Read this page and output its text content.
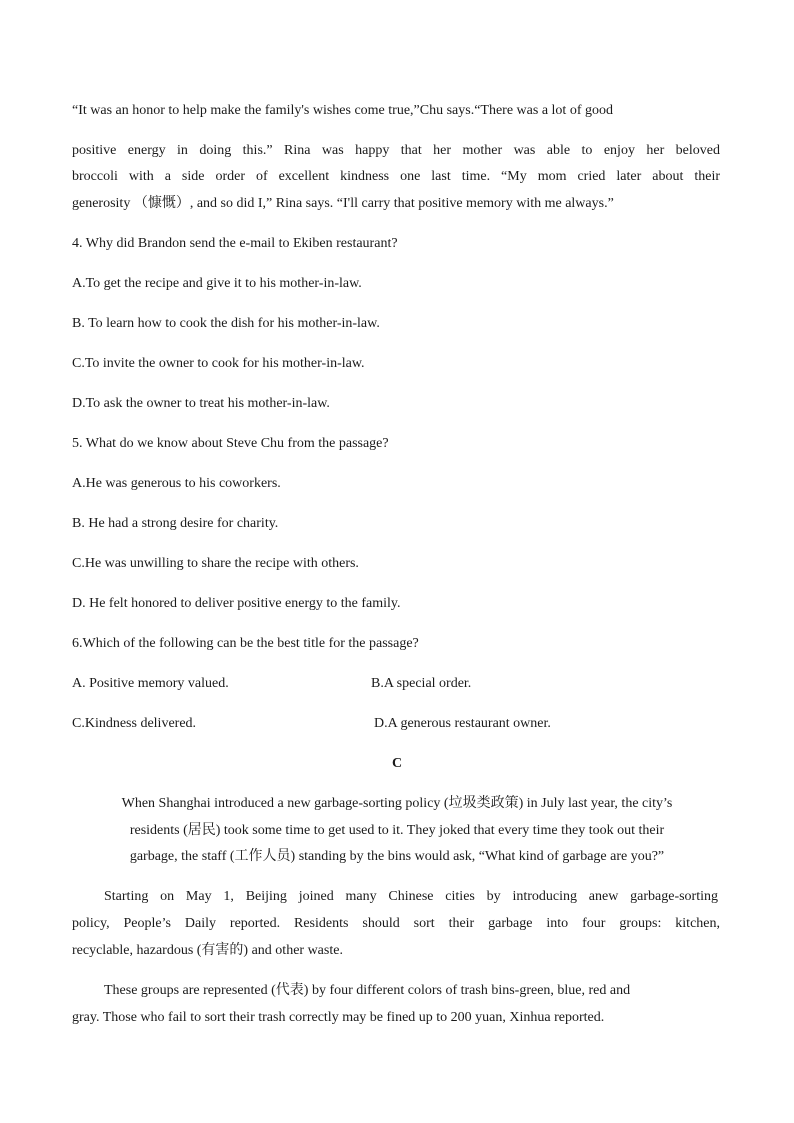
“It was an honor to help make the family's wishes come true,”Chu says.“There was a lot of good
positive energy in doing this.” Rina was happy that her mother was able to enjoy her beloved
broccoli with a side order of excellent kindness one last time. “My mom cried later about their
generosity （慷慨）, and so did I,” Rina says. “I'll carry that positive memory with me always.”
4. Why did Brandon send the e-mail to Ekiben restaurant?
A.To get the recipe and give it to his mother-in-law.
B. To learn how to cook the dish for his mother-in-law.
C.To invite the owner to cook for his mother-in-law.
D.To ask the owner to treat his mother-in-law.
5. What do we know about Steve Chu from the passage?
A.He was generous to his coworkers.
B. He had a strong desire for charity.
C.He was unwilling to share the recipe with others.
D. He felt honored to deliver positive energy to the family.
6.Which of the following can be the best title for the passage?
A. Positive memory valued.	B.A special order.
C.Kindness delivered.	D.A generous restaurant owner.
C
When Shanghai introduced a new garbage-sorting policy (垃圾类政策) in July last year, the city’s
residents (居民) took some time to get used to it. They joked that every time they took out their
garbage, the staff (工作人员) standing by the bins would ask, “What kind of garbage are you?”
Starting on May 1, Beijing joined many Chinese cities by introducing anew garbage-sorting
policy, People’s Daily reported. Residents should sort their garbage into four groups: kitchen,
recyclable, hazardous (有害的) and other waste.
These groups are represented (代表) by four different colors of trash bins-green, blue, red and
gray. Those who fail to sort their trash correctly may be fined up to 200 yuan, Xinhua reported.
